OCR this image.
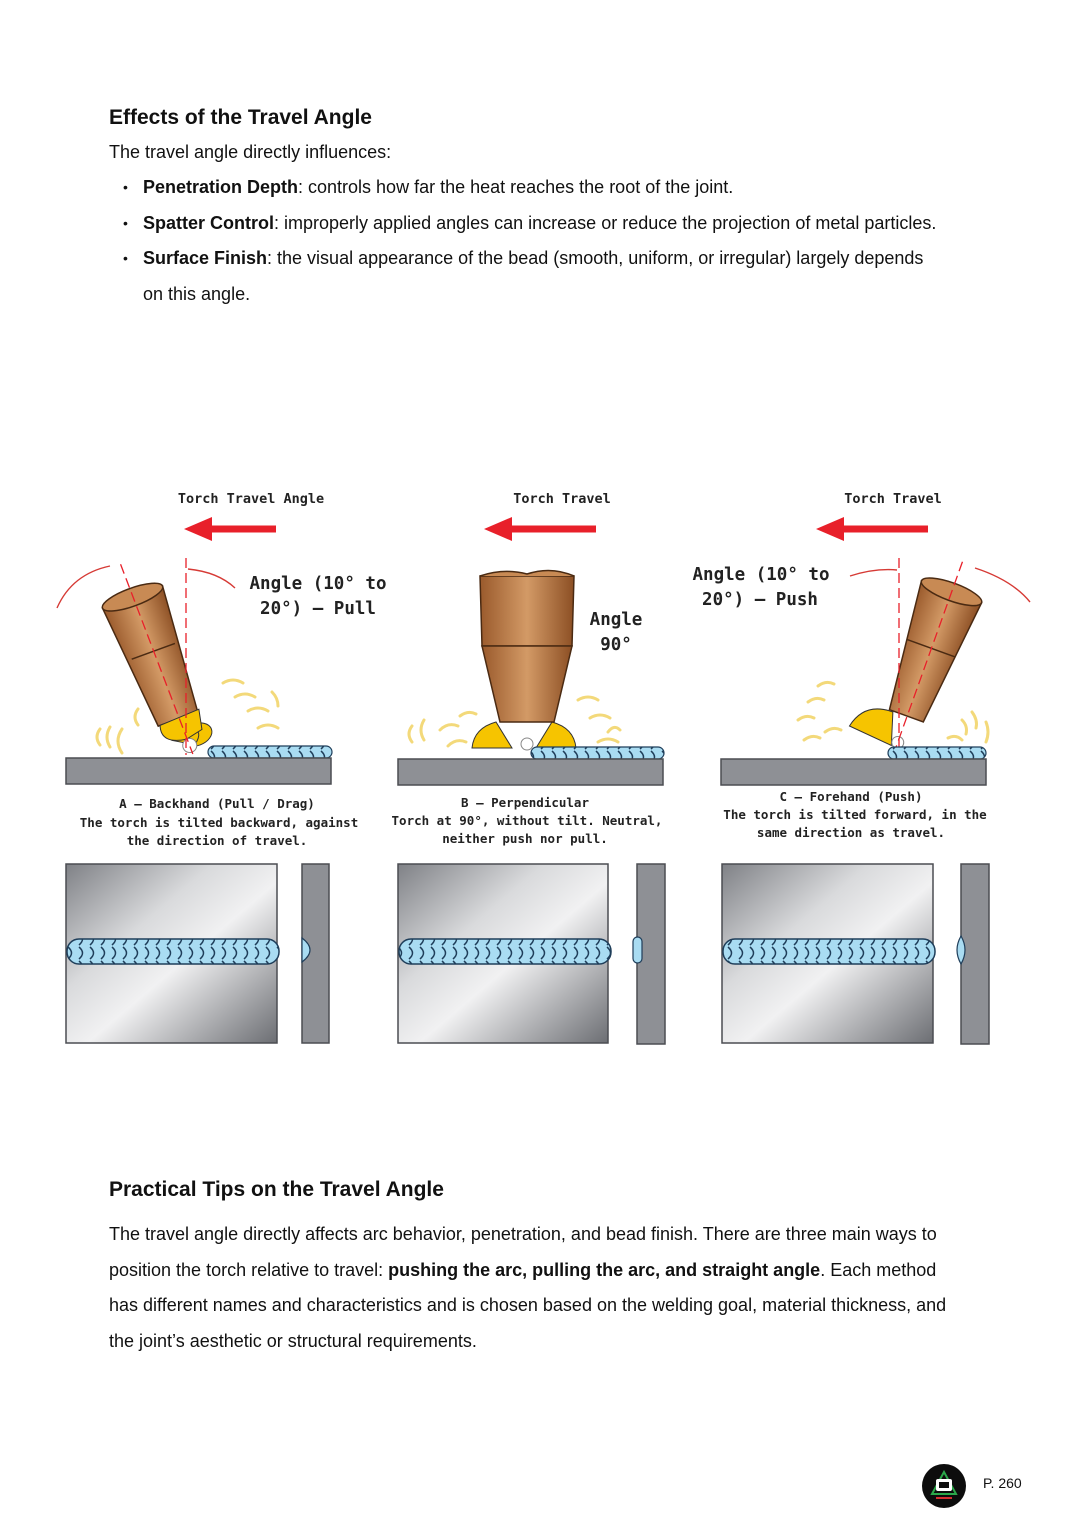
Effects of the Travel Angle

The travel angle directly influences:

• Penetration Depth: controls how far the heat reaches the root of the joint.
• Spatter Control: improperly applied angles can increase or reduce the projection of metal particles.
• Surface Finish: the visual appearance of the bead (smooth, uniform, or irregular) largely depends on this angle.
Torch Travel Angle
Angle (10° to
20°) – Pull
A – Backhand (Pull / Drag)
The torch is tilted backward, against
the direction of travel.
Torch Travel
Angle
90°
B – Perpendicular
Torch at 90°, without tilt. Neutral,
neither push nor pull.
Torch Travel
Angle (10° to
20°) – Push
C – Forehand (Push)
The torch is tilted forward, in the
same direction as travel.
Practical Tips on the Travel Angle

The travel angle directly affects arc behavior, penetration, and bead finish. There are three main ways to position the torch relative to travel: pushing the arc, pulling the arc, and straight angle. Each method has different names and characteristics and is chosen based on the welding goal, material thickness, and the joint’s aesthetic or structural requirements.

P. 260
